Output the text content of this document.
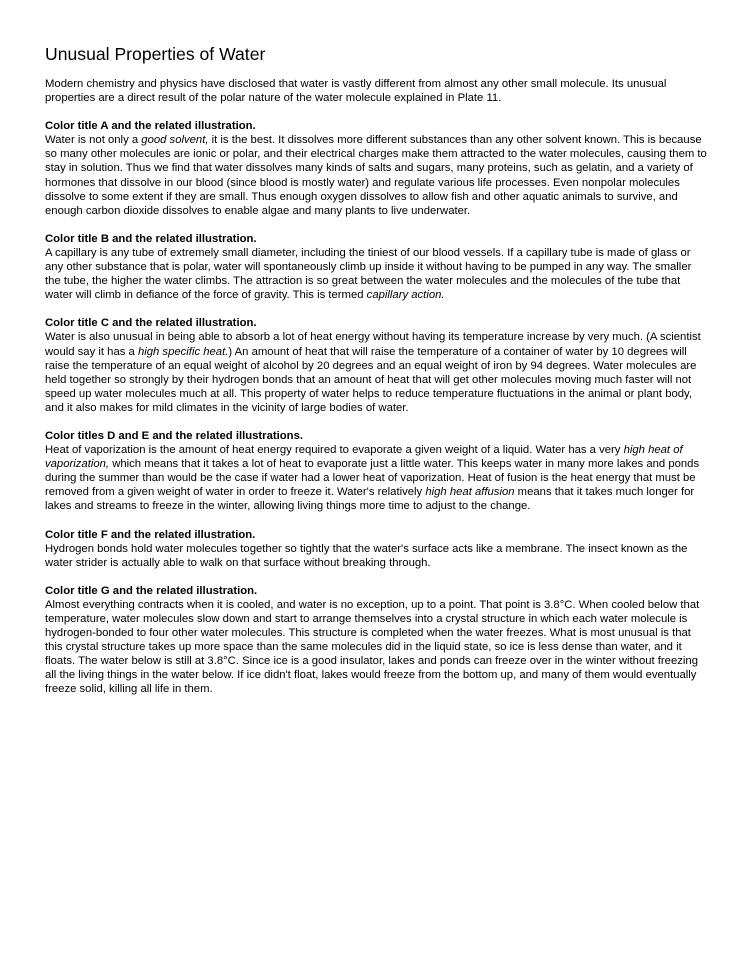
Unusual Properties of Water

Modern chemistry and physics have disclosed that water is vastly different from almost any other small molecule. Its unusual properties are a direct result of the polar nature of the water molecule explained in Plate 11.

Color title A and the related illustration.
Water is not only a good solvent, it is the best. It dissolves more different substances than any other solvent known. This is because so many other molecules are ionic or polar, and their electrical charges make them attracted to the water molecules, causing them to stay in solution. Thus we find that water dissolves many kinds of salts and sugars, many proteins, such as gelatin, and a variety of hormones that dissolve in our blood (since blood is mostly water) and regulate various life processes. Even nonpolar molecules dissolve to some extent if they are small. Thus enough oxygen dissolves to allow fish and other aquatic animals to survive, and enough carbon dioxide dissolves to enable algae and many plants to live underwater.

Color title B and the related illustration.
A capillary is any tube of extremely small diameter, including the tiniest of our blood vessels. If a capillary tube is made of glass or any other substance that is polar, water will spontaneously climb up inside it without having to be pumped in any way. The smaller the tube, the higher the water climbs. The attraction is so great between the water molecules and the molecules of the tube that water will climb in defiance of the force of gravity. This is termed capillary action.

Color title C and the related illustration.
Water is also unusual in being able to absorb a lot of heat energy without having its temperature increase by very much. (A scientist would say it has a high specific heat.) An amount of heat that will raise the temperature of a container of water by 10 degrees will raise the temperature of an equal weight of alcohol by 20 degrees and an equal weight of iron by 94 degrees. Water molecules are held together so strongly by their hydrogen bonds that an amount of heat that will get other molecules moving much faster will not speed up water molecules much at all. This property of water helps to reduce temperature fluctuations in the animal or plant body, and it also makes for mild climates in the vicinity of large bodies of water.

Color titles D and E and the related illustrations.
Heat of vaporization is the amount of heat energy required to evaporate a given weight of a liquid. Water has a very high heat of vaporization, which means that it takes a lot of heat to evaporate just a little water. This keeps water in many more lakes and ponds during the summer than would be the case if water had a lower heat of vaporization. Heat of fusion is the heat energy that must be removed from a given weight of water in order to freeze it. Water's relatively high heat affusion means that it takes much longer for lakes and streams to freeze in the winter, allowing living things more time to adjust to the change.

Color title F and the related illustration.
Hydrogen bonds hold water molecules together so tightly that the water's surface acts like a membrane. The insect known as the water strider is actually able to walk on that surface without breaking through.

Color title G and the related illustration.
Almost everything contracts when it is cooled, and water is no exception, up to a point. That point is 3.8°C. When cooled below that temperature, water molecules slow down and start to arrange themselves into a crystal structure in which each water molecule is hydrogen-bonded to four other water molecules. This structure is completed when the water freezes. What is most unusual is that this crystal structure takes up more space than the same molecules did in the liquid state, so ice is less dense than water, and it floats. The water below is still at 3.8°C. Since ice is a good insulator, lakes and ponds can freeze over in the winter without freezing all the living things in the water below. If ice didn't float, lakes would freeze from the bottom up, and many of them would eventually freeze solid, killing all life in them.
